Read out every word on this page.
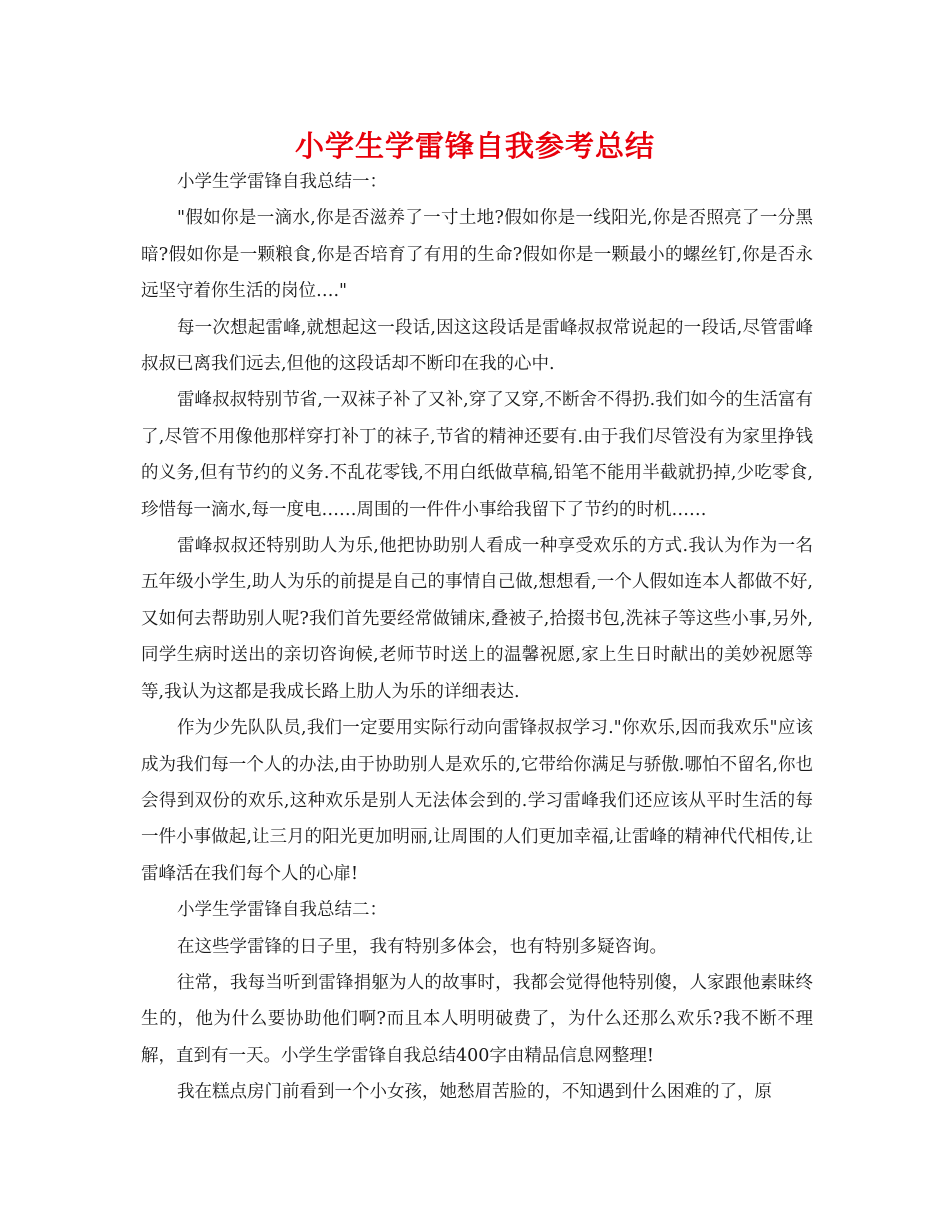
小学生学雷锋自我参考总结

小学生学雷锋自我总结一：

"假如你是一滴水,你是否滋养了一寸土地?假如你是一线阳光,你是否照亮了一分黑暗?假如你是一颗粮食,你是否培育了有用的生命?假如你是一颗最小的螺丝钉,你是否永远坚守着你生活的岗位…."

每一次想起雷峰,就想起这一段话,因这这段话是雷峰叔叔常说起的一段话,尽管雷峰叔叔已离我们远去,但他的这段话却不断印在我的心中.

雷峰叔叔特别节省,一双袜子补了又补,穿了又穿,不断舍不得扔.我们如今的生活富有了,尽管不用像他那样穿打补丁的袜子,节省的精神还要有.由于我们尽管没有为家里挣钱的义务,但有节约的义务.不乱花零钱,不用白纸做草稿,铅笔不能用半截就扔掉,少吃零食,珍惜每一滴水,每一度电……周围的一件件小事给我留下了节约的时机……

雷峰叔叔还特别助人为乐,他把协助别人看成一种享受欢乐的方式.我认为作为一名五年级小学生,助人为乐的前提是自己的事情自己做,想想看,一个人假如连本人都做不好,又如何去帮助别人呢?我们首先要经常做铺床,叠被子,拾掇书包,洗袜子等这些小事,另外,同学生病时送出的亲切咨询候,老师节时送上的温馨祝愿,家上生日时献出的美妙祝愿等等,我认为这都是我成长路上肋人为乐的详细表达.

作为少先队队员,我们一定要用实际行动向雷锋叔叔学习."你欢乐,因而我欢乐"应该成为我们每一个人的办法,由于协助别人是欢乐的,它带给你满足与骄傲.哪怕不留名,你也会得到双份的欢乐,这种欢乐是别人无法体会到的.学习雷峰我们还应该从平时生活的每一件小事做起,让三月的阳光更加明丽,让周围的人们更加幸福,让雷峰的精神代代相传,让雷峰活在我们每个人的心扉!

小学生学雷锋自我总结二：

在这些学雷锋的日子里，我有特别多体会，也有特别多疑咨询。

往常，我每当听到雷锋捐躯为人的故事时，我都会觉得他特别傻，人家跟他素昧终生的，他为什么要协助他们啊?而且本人明明破费了，为什么还那么欢乐?我不断不理解，直到有一天。小学生学雷锋自我总结400字由精品信息网整理!

我在糕点房门前看到一个小女孩，她愁眉苦脸的，不知遇到什么困难的了，原
